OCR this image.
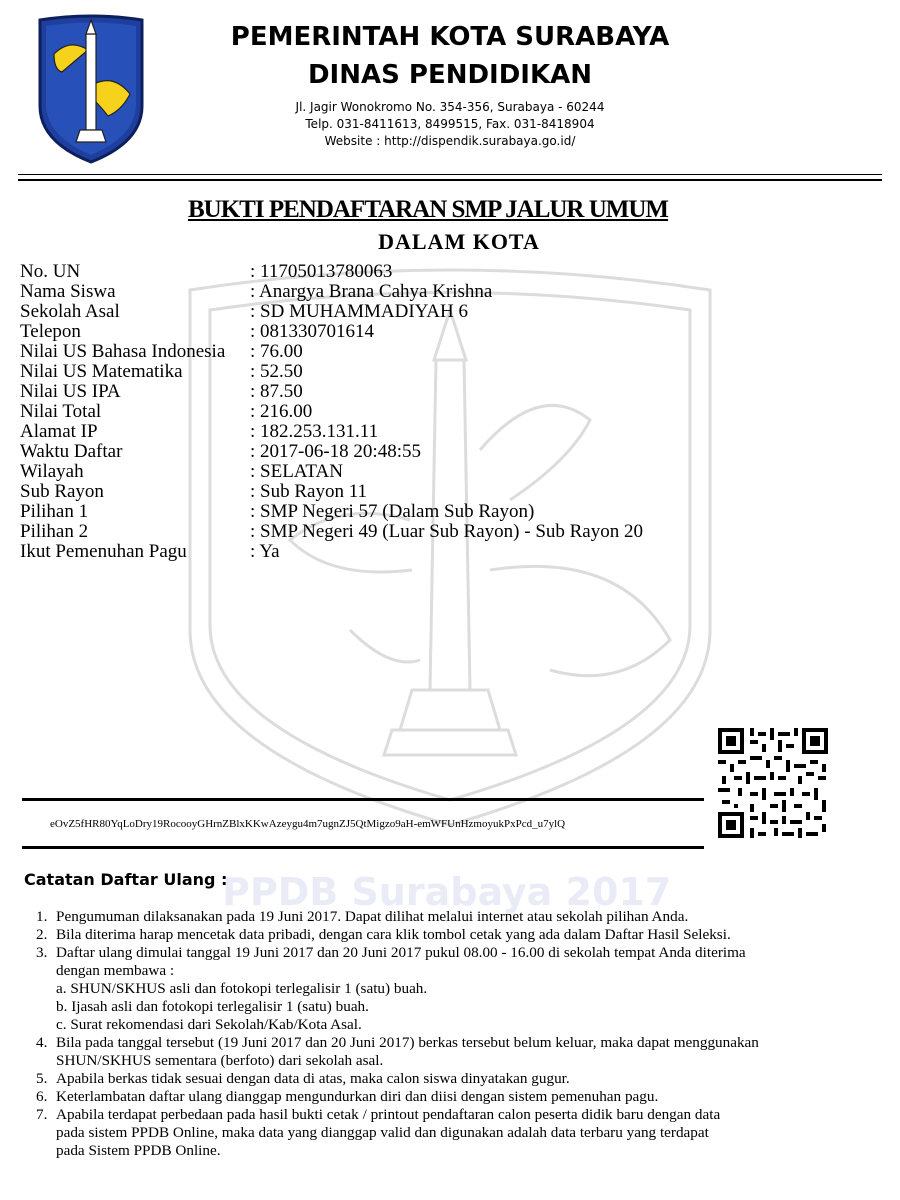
PEMERINTAH KOTA SURABAYA
DINAS PENDIDIKAN
Jl. Jagir Wonokromo No. 354-356, Surabaya - 60244
Telp. 031-8411613, 8499515, Fax. 031-8418904
Website : http://dispendik.surabaya.go.id/
BUKTI PENDAFTARAN SMP JALUR UMUM
DALAM KOTA
No. UN	: 11705013780063
Nama Siswa	: Anargya Brana Cahya Krishna
Sekolah Asal	: SD MUHAMMADIYAH 6
Telepon	: 081330701614
Nilai US Bahasa Indonesia	: 76.00
Nilai US Matematika	: 52.50
Nilai US IPA	: 87.50
Nilai Total	: 216.00
Alamat IP	: 182.253.131.11
Waktu Daftar	: 2017-06-18 20:48:55
Wilayah	: SELATAN
Sub Rayon	: Sub Rayon 11
Pilihan 1	: SMP Negeri 57 (Dalam Sub Rayon)
Pilihan 2	: SMP Negeri 49 (Luar Sub Rayon) - Sub Rayon 20
Ikut Pemenuhan Pagu	: Ya
eOvZ5fHR80YqLoDry19RocooyGHrnZBlxKKwAzeygu4m7ugnZJ5QtMigzo9aH-emWFUnHzmoyukPxPcd_u7ylQ
PPDB Surabaya 2017
Catatan Daftar Ulang :
1. Pengumuman dilaksanakan pada 19 Juni 2017. Dapat dilihat melalui internet atau sekolah pilihan Anda.
2. Bila diterima harap mencetak data pribadi, dengan cara klik tombol cetak yang ada dalam Daftar Hasil Seleksi.
3. Daftar ulang dimulai tanggal 19 Juni 2017 dan 20 Juni 2017 pukul 08.00 - 16.00 di sekolah tempat Anda diterima
dengan membawa :
a. SHUN/SKHUS asli dan fotokopi terlegalisir 1 (satu) buah.
b. Ijasah asli dan fotokopi terlegalisir 1 (satu) buah.
c. Surat rekomendasi dari Sekolah/Kab/Kota Asal.
4. Bila pada tanggal tersebut (19 Juni 2017 dan 20 Juni 2017) berkas tersebut belum keluar, maka dapat menggunakan
SHUN/SKHUS sementara (berfoto) dari sekolah asal.
5. Apabila berkas tidak sesuai dengan data di atas, maka calon siswa dinyatakan gugur.
6. Keterlambatan daftar ulang dianggap mengundurkan diri dan diisi dengan sistem pemenuhan pagu.
7. Apabila terdapat perbedaan pada hasil bukti cetak / printout pendaftaran calon peserta didik baru dengan data
pada sistem PPDB Online, maka data yang dianggap valid dan digunakan adalah data terbaru yang terdapat
pada Sistem PPDB Online.
